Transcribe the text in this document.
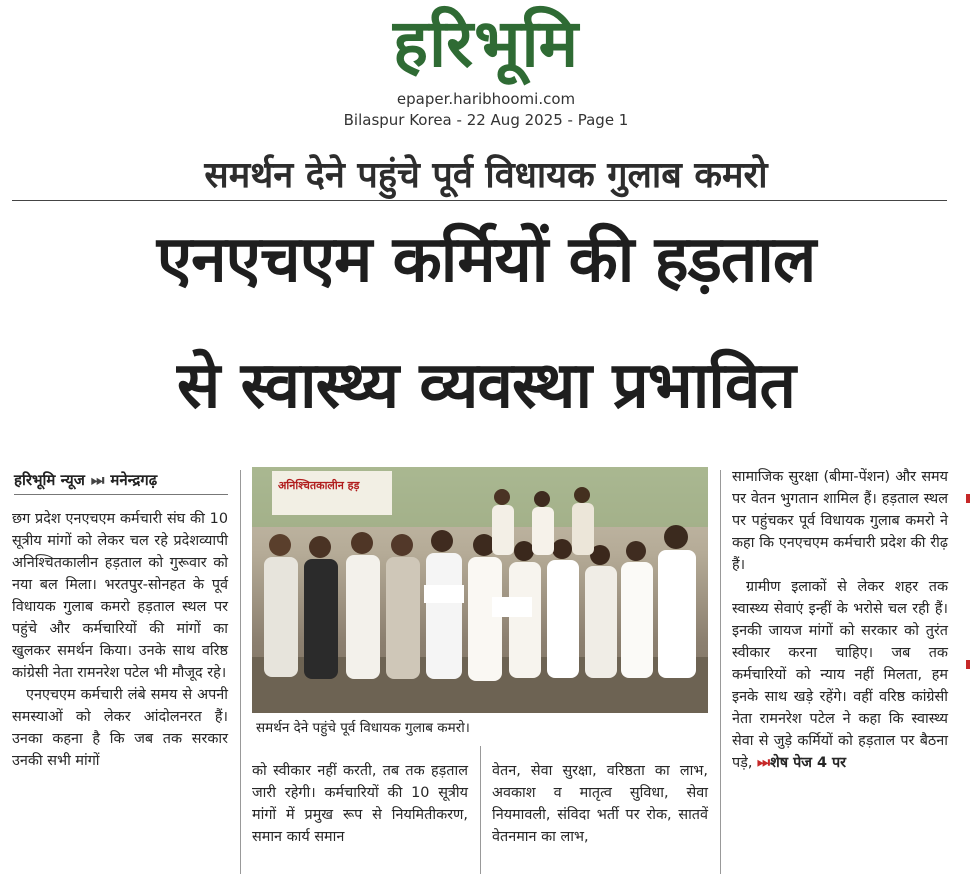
हरिभूमि
epaper.haribhoomi.com
Bilaspur Korea - 22 Aug 2025 - Page 1
समर्थन देने पहुंचे पूर्व विधायक गुलाब कमरो
एनएचएम कर्मियों की हड़ताल
से स्वास्थ्य व्यवस्था प्रभावित
हरिभूमि न्यूज ⏭ मनेन्द्रगढ़

छग प्रदेश एनएचएम कर्मचारी संघ की 10 सूत्रीय मांगों को लेकर चल रहे प्रदेशव्यापी अनिश्चितकालीन हड़ताल को गुरूवार को नया बल मिला। भरतपुर-सोनहत के पूर्व विधायक गुलाब कमरो हड़ताल स्थल पर पहुंचे और कर्मचारियों की मांगों का खुलकर समर्थन किया। उनके साथ वरिष्ठ कांग्रेसी नेता रामनरेश पटेल भी मौजूद रहे।

एनएचएम कर्मचारी लंबे समय से अपनी समस्याओं को लेकर आंदोलनरत हैं। उनका कहना है कि जब तक सरकार उनकी सभी मांगों

अनिश्चितकालीन हड़
समर्थन देने पहुंचे पूर्व विधायक गुलाब कमरो।

को स्वीकार नहीं करती, तब तक हड़ताल जारी रहेगी। कर्मचारियों की 10 सूत्रीय मांगों में प्रमुख रूप से नियमितीकरण, समान कार्य समान

वेतन, सेवा सुरक्षा, वरिष्ठता का लाभ, अवकाश व मातृत्व सुविधा, सेवा नियमावली, संविदा भर्ती पर रोक, सातवें वेतनमान का लाभ,

सामाजिक सुरक्षा (बीमा-पेंशन) और समय पर वेतन भुगतान शामिल हैं। हड़ताल स्थल पर पहुंचकर पूर्व विधायक गुलाब कमरो ने कहा कि एनएचएम कर्मचारी प्रदेश की रीढ़ हैं।

ग्रामीण इलाकों से लेकर शहर तक स्वास्थ्य सेवाएं इन्हीं के भरोसे चल रही हैं। इनकी जायज मांगों को सरकार को तुरंत स्वीकार करना चाहिए। जब तक कर्मचारियों को न्याय नहीं मिलता, हम इनके साथ खड़े रहेंगे। वहीं वरिष्ठ कांग्रेसी नेता रामनरेश पटेल ने कहा कि स्वास्थ्य सेवा से जुड़े कर्मियों को हड़ताल पर बैठना पड़े, ⏭शेष पेज 4 पर
